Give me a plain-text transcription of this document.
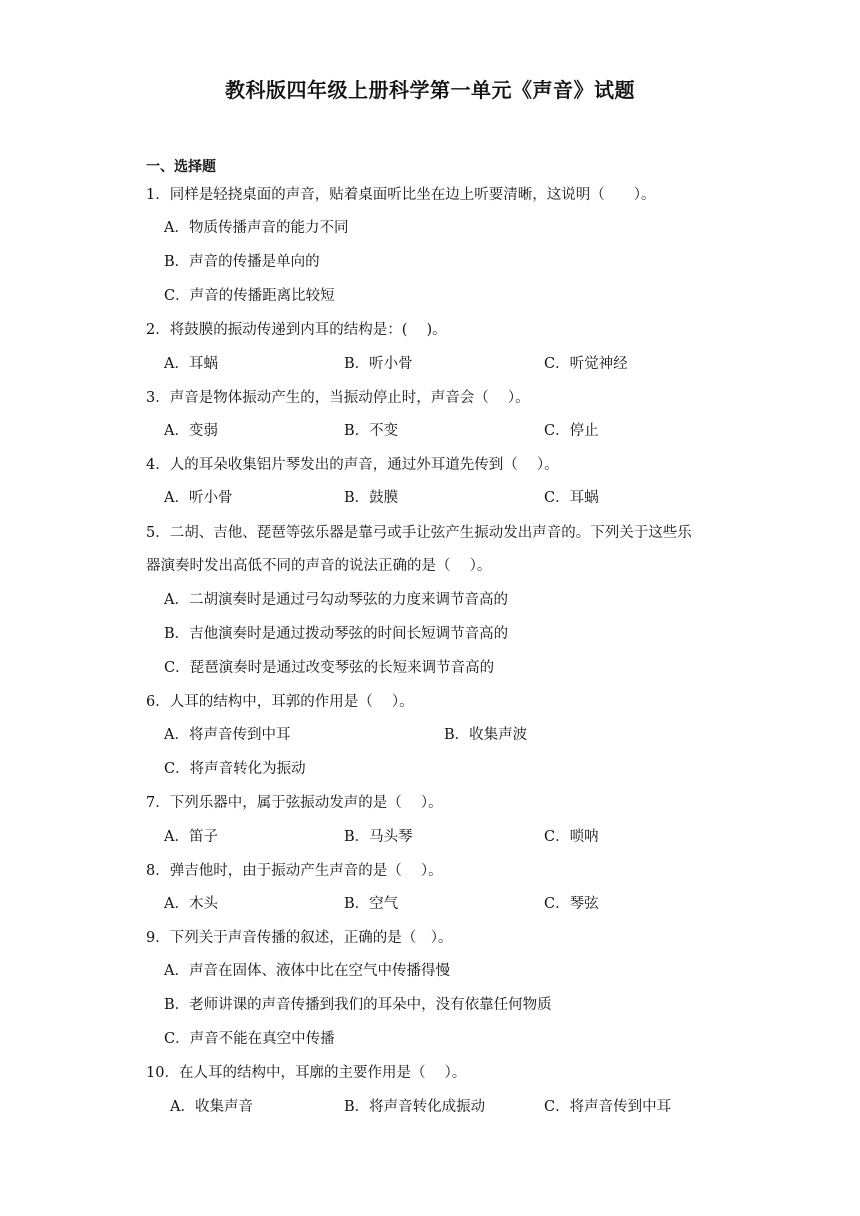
教科版四年级上册科学第一单元《声音》试题
一、选择题
1．同样是轻挠桌面的声音，贴着桌面听比坐在边上听要清晰，这说明（　　）。
A．物质传播声音的能力不同
B．声音的传播是单向的
C．声音的传播距离比较短
2．将鼓膜的振动传递到内耳的结构是：(　 )。
A．耳蜗	B．听小骨	C．听觉神经
3．声音是物体振动产生的，当振动停止时，声音会（　 ）。
A．变弱	B．不变	C．停止
4．人的耳朵收集铝片琴发出的声音，通过外耳道先传到（　 ）。
A．听小骨	B．鼓膜	C．耳蜗
5．二胡、吉他、琵琶等弦乐器是靠弓或手让弦产生振动发出声音的。下列关于这些乐
器演奏时发出高低不同的声音的说法正确的是（　 ）。
A．二胡演奏时是通过弓勾动琴弦的力度来调节音高的
B．吉他演奏时是通过拨动琴弦的时间长短调节音高的
C．琵琶演奏时是通过改变琴弦的长短来调节音高的
6．人耳的结构中，耳郭的作用是（　 ）。
A．将声音传到中耳	B．收集声波
C．将声音转化为振动
7．下列乐器中，属于弦振动发声的是（　 ）。
A．笛子	B．马头琴	C．唢呐
8．弹吉他时，由于振动产生声音的是（　 ）。
A．木头	B．空气	C．琴弦
9．下列关于声音传播的叙述，正确的是（　）。
A．声音在固体、液体中比在空气中传播得慢
B．老师讲课的声音传播到我们的耳朵中，没有依靠任何物质
C．声音不能在真空中传播
10．在人耳的结构中，耳廓的主要作用是（　 ）。
A．收集声音	B．将声音转化成振动	C．将声音传到中耳
